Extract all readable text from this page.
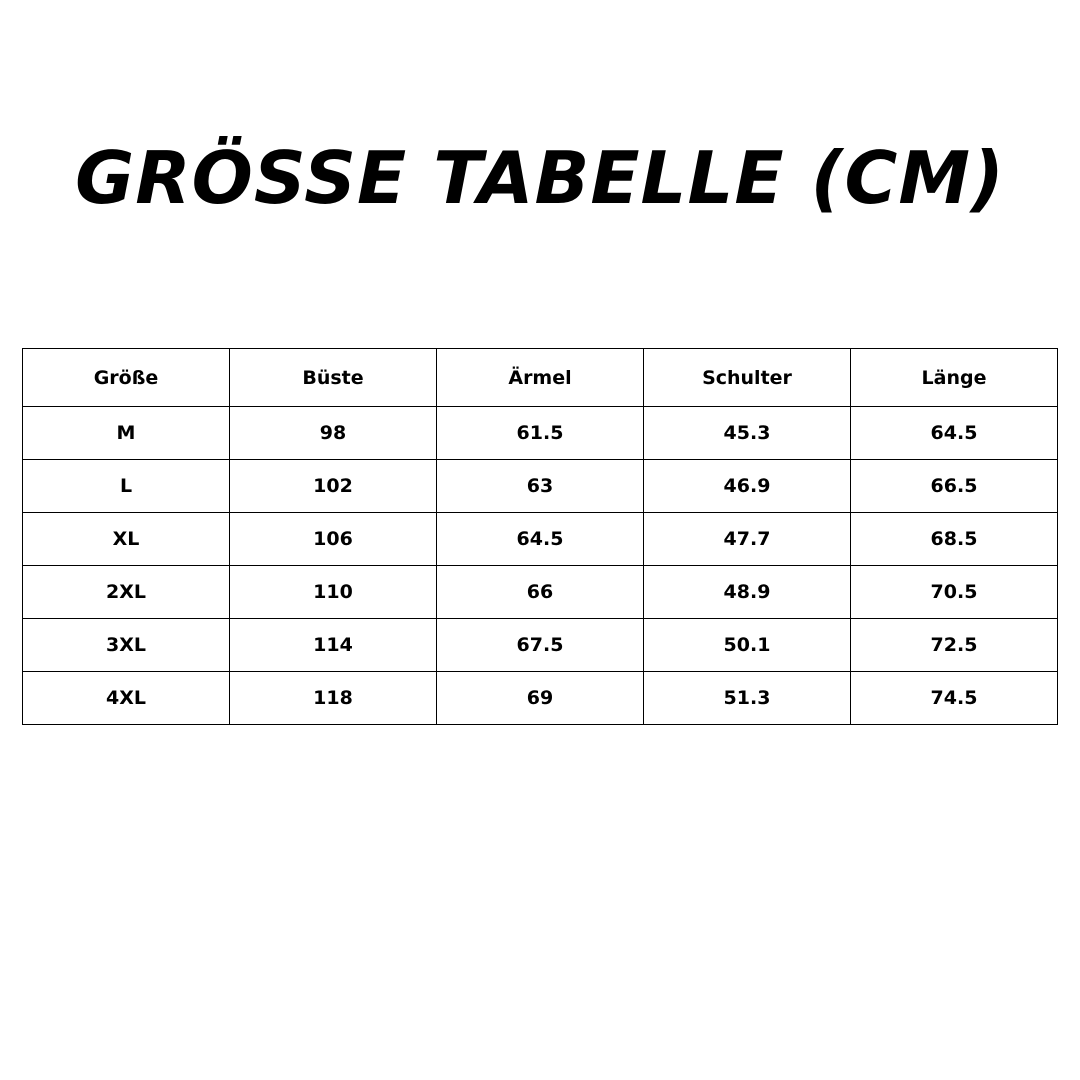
GRÖSSE TABELLE (CM)
Größe	Büste	Ärmel	Schulter	Länge
M	98	61.5	45.3	64.5
L	102	63	46.9	66.5
XL	106	64.5	47.7	68.5
2XL	110	66	48.9	70.5
3XL	114	67.5	50.1	72.5
4XL	118	69	51.3	74.5
